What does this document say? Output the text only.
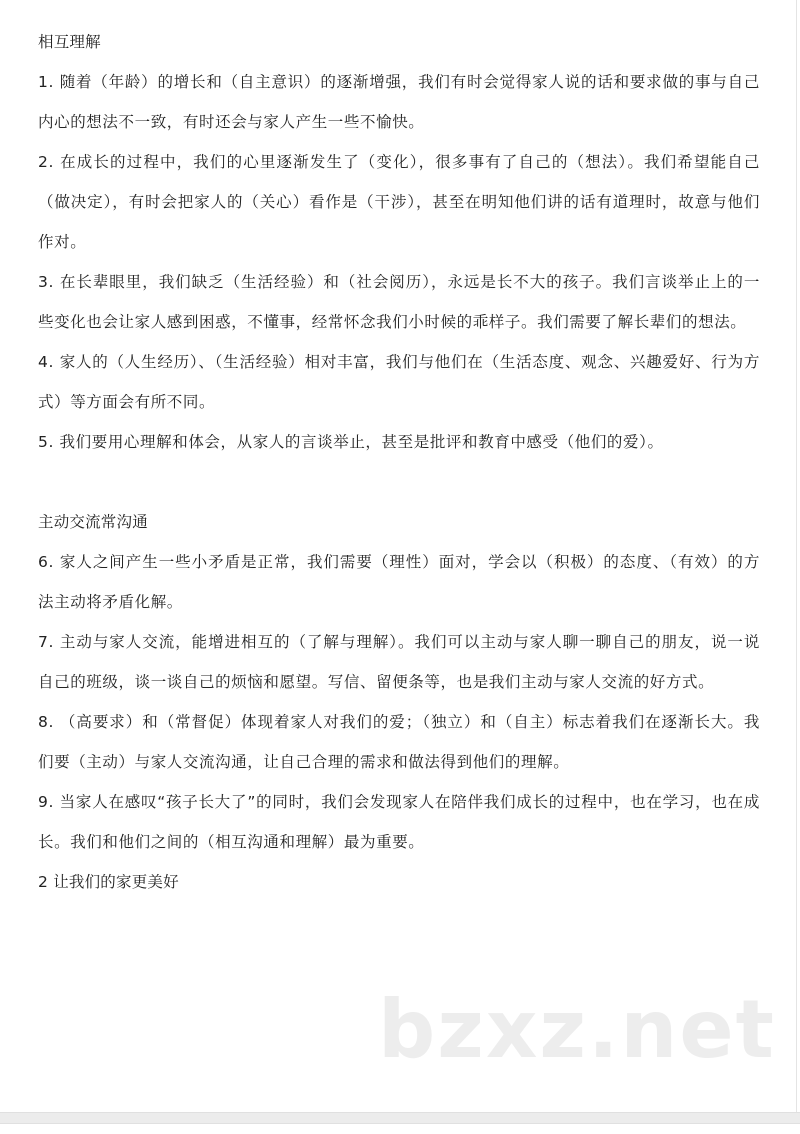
相互理解

1. 随着（年龄）的增长和（自主意识）的逐渐增强，我们有时会觉得家人说的话和要求做的事与自己内心的想法不一致，有时还会与家人产生一些不愉快。

2. 在成长的过程中，我们的心里逐渐发生了（变化），很多事有了自己的（想法）。我们希望能自己（做决定），有时会把家人的（关心）看作是（干涉），甚至在明知他们讲的话有道理时，故意与他们作对。

3. 在长辈眼里，我们缺乏（生活经验）和（社会阅历），永远是长不大的孩子。我们言谈举止上的一些变化也会让家人感到困惑，不懂事，经常怀念我们小时候的乖样子。我们需要了解长辈们的想法。

4. 家人的（人生经历）、（生活经验）相对丰富，我们与他们在（生活态度、观念、兴趣爱好、行为方式）等方面会有所不同。

5. 我们要用心理解和体会，从家人的言谈举止，甚至是批评和教育中感受（他们的爱）。

主动交流常沟通

6. 家人之间产生一些小矛盾是正常，我们需要（理性）面对，学会以（积极）的态度、（有效）的方法主动将矛盾化解。

7. 主动与家人交流，能增进相互的（了解与理解）。我们可以主动与家人聊一聊自己的朋友，说一说自己的班级，谈一谈自己的烦恼和愿望。写信、留便条等，也是我们主动与家人交流的好方式。

8. （高要求）和（常督促）体现着家人对我们的爱；（独立）和（自主）标志着我们在逐渐长大。我们要（主动）与家人交流沟通，让自己合理的需求和做法得到他们的理解。

9. 当家人在感叹“孩子长大了”的同时，我们会发现家人在陪伴我们成长的过程中，也在学习，也在成长。我们和他们之间的（相互沟通和理解）最为重要。

2 让我们的家更美好
bzxz.net
